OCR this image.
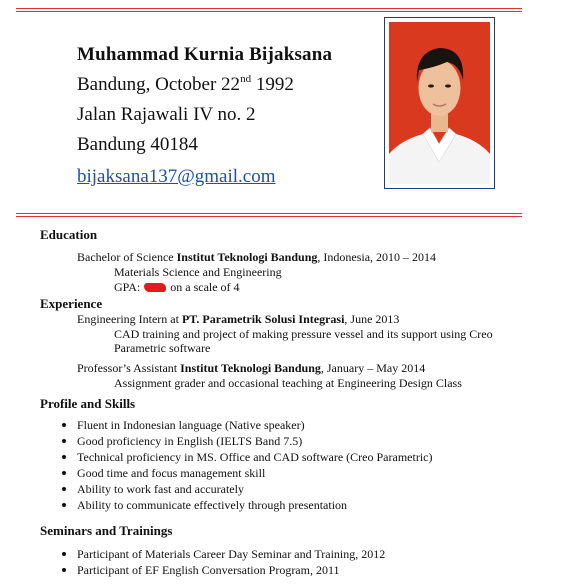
Muhammad Kurnia Bijaksana
Bandung, October 22nd 1992
Jalan Rajawali IV no. 2
Bandung 40184
bijaksana137@gmail.com
Education
Bachelor of Science Institut Teknologi Bandung, Indonesia, 2010 – 2014
Materials Science and Engineering
GPA:  on a scale of 4
Experience
Engineering Intern at PT. Parametrik Solusi Integrasi, June 2013
CAD training and project of making pressure vessel and its support using Creo Parametric software
Professor’s Assistant Institut Teknologi Bandung, January – May 2014
Assignment grader and occasional teaching at Engineering Design Class
Profile and Skills
Fluent in Indonesian language (Native speaker)
Good proficiency in English (IELTS Band 7.5)
Technical proficiency in MS. Office and CAD software (Creo Parametric)
Good time and focus management skill
Ability to work fast and accurately
Ability to communicate effectively through presentation
Seminars and Trainings
Participant of Materials Career Day Seminar and Training, 2012
Participant of EF English Conversation Program, 2011
